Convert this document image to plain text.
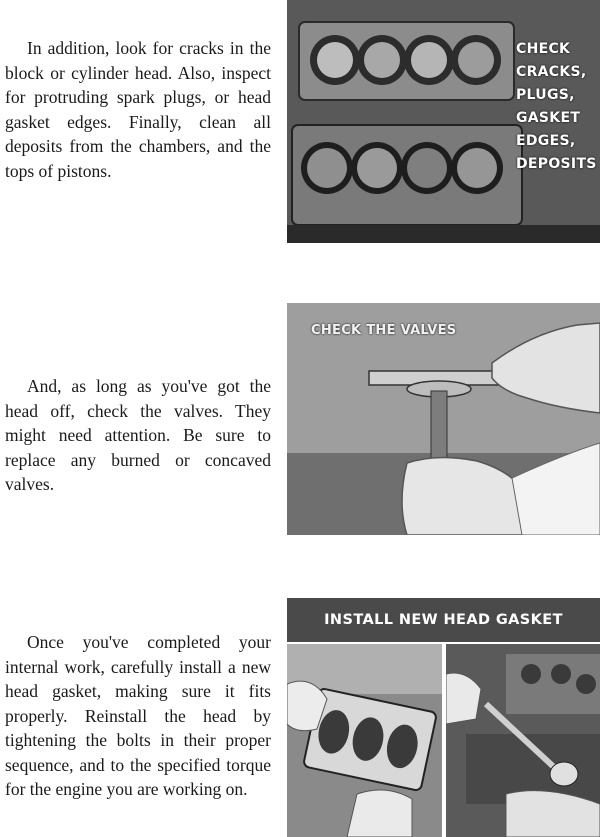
In addition, look for cracks in the block or cylinder head. Also, inspect for protruding spark plugs, or head gasket edges. Finally, clean all deposits from the chambers, and the tops of pistons.

CHECK
CRACKS,
PLUGS,
GASKET
EDGES,
DEPOSITS

And, as long as you've got the head off, check the valves. They might need attention. Be sure to replace any burned or concaved valves.

CHECK THE VALVES

Once you've completed your internal work, carefully install a new head gasket, making sure it fits properly. Reinstall the head by tightening the bolts in their proper sequence, and to the specified torque for the engine you are working on.

INSTALL NEW HEAD GASKET
